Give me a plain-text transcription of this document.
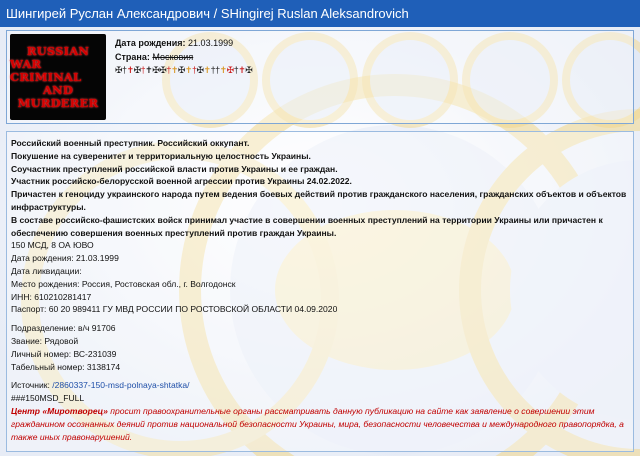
Шингирей Руслан Александрович / SHingirej Ruslan Aleksandrovich
RUSSIAN
WAR CRIMINAL
AND
MURDERER
Дата рождения: 21.03.1999
Страна: Московия
✠†✝✠†✝✠✠†✝✠✝†✠✝††✝✠†✝✠

Российский военный преступник. Российский оккупант.

Покушение на суверенитет и территориальную целостность Украины.

Соучастник преступлений российской власти против Украины и ее граждан.

Участник российско-белорусской военной агрессии против Украины 24.02.2022.

Причастен к геноциду украинского народа путем ведения боевых действий против гражданского населения, гражданских объектов и объектов инфраструктуры.

В составе российско-фашистских войск принимал участие в совершении военных преступлений на территории Украины или причастен к обеспечению совершения военных преступлений против граждан Украины.

150 МСД, 8 ОА ЮВО

Дата рождения: 21.03.1999

Дата ликвидации:

Место рождения: Россия, Ростовская обл., г. Волгодонск

ИНН: 610210281417

Паспорт: 60 20 989411 ГУ МВД РОССИИ ПО РОСТОВСКОЙ ОБЛАСТИ 04.09.2020

Подразделение: в/ч 91706

Звание: Рядовой

Личный номер: ВС-231039

Табельный номер: 3138174

Источник: /2860337-150-msd-polnaya-shtatka/

###150MSD_FULL

Центр «Миротворец» просит правоохранительные органы рассматривать данную публикацию на сайте как заявление о совершении этим гражданином осознанных деяний против национальной безопасности Украины, мира, безопасности человечества и международного правопорядка, а также иных правонарушений.
